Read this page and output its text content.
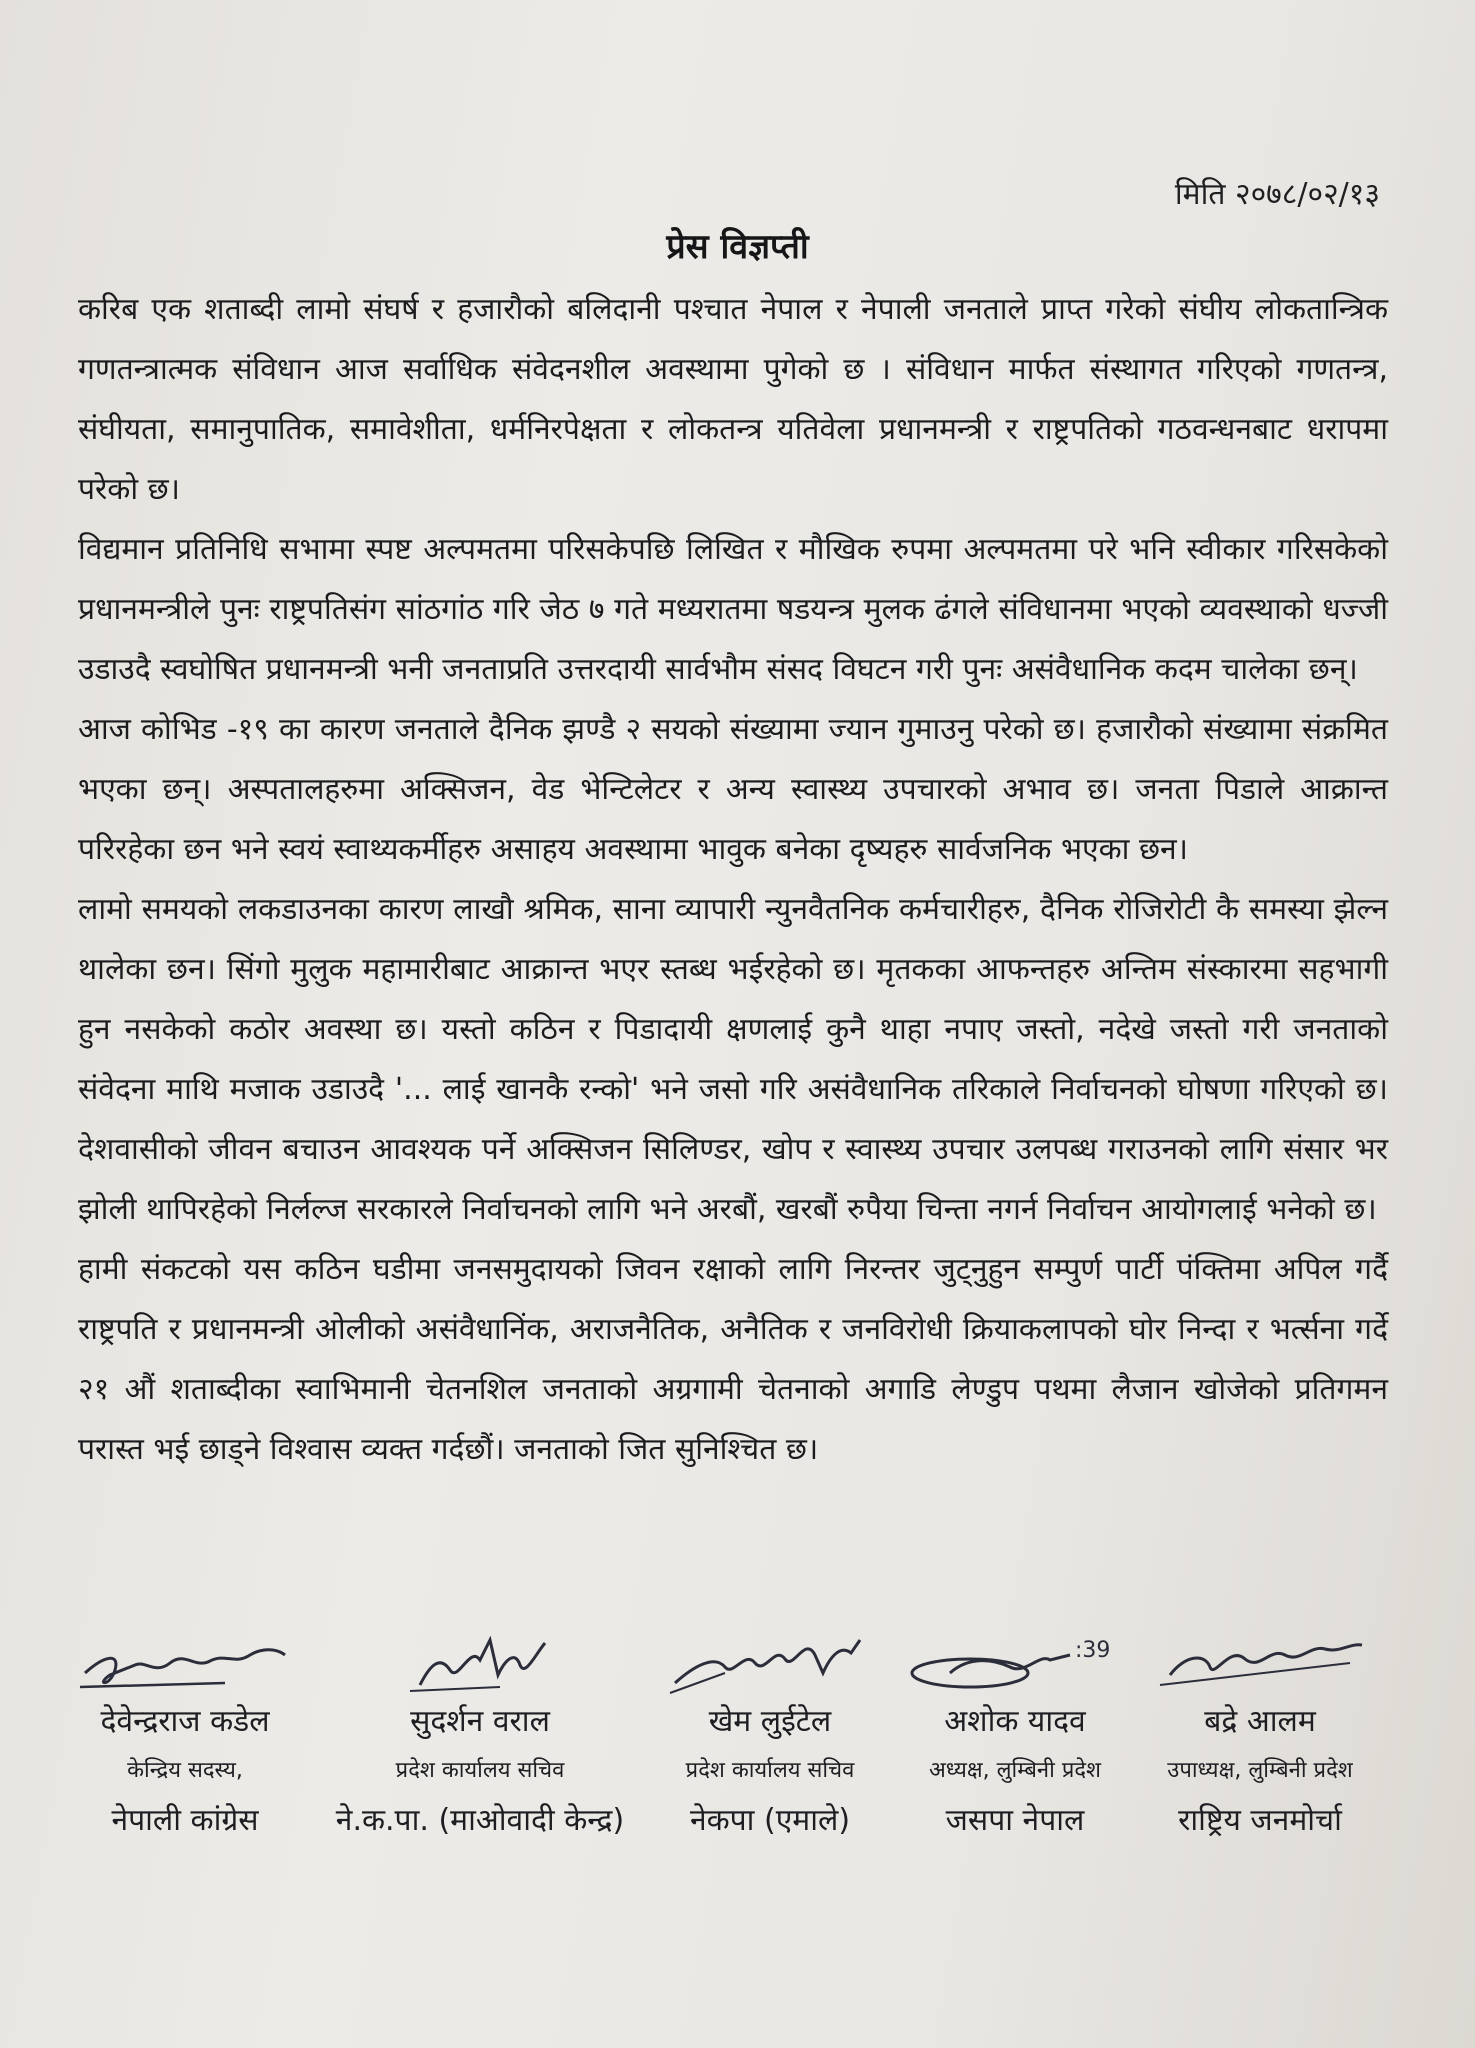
मिति २०७८/०२/१३
प्रेस विज्ञप्ती

करिब एक शताब्दी लामो संघर्ष र हजारौको बलिदानी पश्चात नेपाल र नेपाली जनताले प्राप्त गरेको संघीय लोकतान्त्रिक गणतन्त्रात्मक संविधान आज सर्वाधिक संवेदनशील अवस्थामा पुगेको छ । संविधान मार्फत संस्थागत गरिएको गणतन्त्र, संघीयता, समानुपातिक, समावेशीता, धर्मनिरपेक्षता र लोकतन्त्र यतिवेला प्रधानमन्त्री र राष्ट्रपतिको गठवन्धनबाट धरापमा परेको छ।

विद्यमान प्रतिनिधि सभामा स्पष्ट अल्पमतमा परिसकेपछि लिखित र मौखिक रुपमा अल्पमतमा परे भनि स्वीकार गरिसकेको प्रधानमन्त्रीले पुनः राष्ट्रपतिसंग सांठगांठ गरि जेठ ७ गते मध्यरातमा षडयन्त्र मुलक ढंगले संविधानमा भएको व्यवस्थाको धज्जी उडाउदै स्वघोषित प्रधानमन्त्री भनी जनताप्रति उत्तरदायी सार्वभौम संसद विघटन गरी पुनः असंवैधानिक कदम चालेका छन्।

आज कोभिड -१९ का कारण जनताले दैनिक झण्डै २ सयको संख्यामा ज्यान गुमाउनु परेको छ। हजारौको संख्यामा संक्रमित भएका छन्। अस्पतालहरुमा अक्सिजन, वेड भेन्टिलेटर र अन्य स्वास्थ्य उपचारको अभाव छ। जनता पिडाले आक्रान्त परिरहेका छन भने स्वयं स्वाथ्यकर्मीहरु असाहय अवस्थामा भावुक बनेका दृष्यहरु सार्वजनिक भएका छन।

लामो समयको लकडाउनका कारण लाखौ श्रमिक, साना व्यापारी न्युनवैतनिक कर्मचारीहरु, दैनिक रोजिरोटी कै समस्या झेल्न थालेका छन। सिंगो मुलुक महामारीबाट आक्रान्त भएर स्तब्ध भईरहेको छ। मृतकका आफन्तहरु अन्तिम संस्कारमा सहभागी हुन नसकेको कठोर अवस्था छ। यस्तो कठिन र पिडादायी क्षणलाई कुनै थाहा नपाए जस्तो, नदेखे जस्तो गरी जनताको संवेदना माथि मजाक उडाउदै '... लाई खानकै रन्को' भने जसो गरि असंवैधानिक तरिकाले निर्वाचनको घोषणा गरिएको छ। देशवासीको जीवन बचाउन आवश्यक पर्ने अक्सिजन सिलिण्डर, खोप र स्वास्थ्य उपचार उलपब्ध गराउनको लागि संसार भर झोली थापिरहेको निर्लल्ज सरकारले निर्वाचनको लागि भने अरबौं, खरबौं रुपैया चिन्ता नगर्न निर्वाचन आयोगलाई भनेको छ।

हामी संकटको यस कठिन घडीमा जनसमुदायको जिवन रक्षाको लागि निरन्तर जुट्नुहुन सम्पुर्ण पार्टी पंक्तिमा अपिल गर्दै राष्ट्रपति र प्रधानमन्त्री ओलीको असंवैधानिंक, अराजनैतिक, अनैतिक र जनविरोधी क्रियाकलापको घोर निन्दा र भर्त्सना गर्दे २१ औं शताब्दीका स्वाभिमानी चेतनशिल जनताको अग्रगामी चेतनाको अगाडि लेण्डुप पथमा लैजान खोजेको प्रतिगमन परास्त भई छाड्ने विश्वास व्यक्त गर्दछौं। जनताको जित सुनिश्चित छ।

देवेन्द्रराज कडेल
केन्द्रिय सदस्य,
नेपाली कांग्रेस
सुदर्शन वराल
प्रदेश कार्यालय सचिव
ने.क.पा. (माओवादी केन्द्र)
खेम लुईटेल
प्रदेश कार्यालय सचिव
नेकपा (एमाले)
:39
अशोक यादव
अध्यक्ष, लुम्बिनी प्रदेश
जसपा नेपाल
बद्रे आलम
उपाध्यक्ष, लुम्बिनी प्रदेश
राष्ट्रिय जनमोर्चा
